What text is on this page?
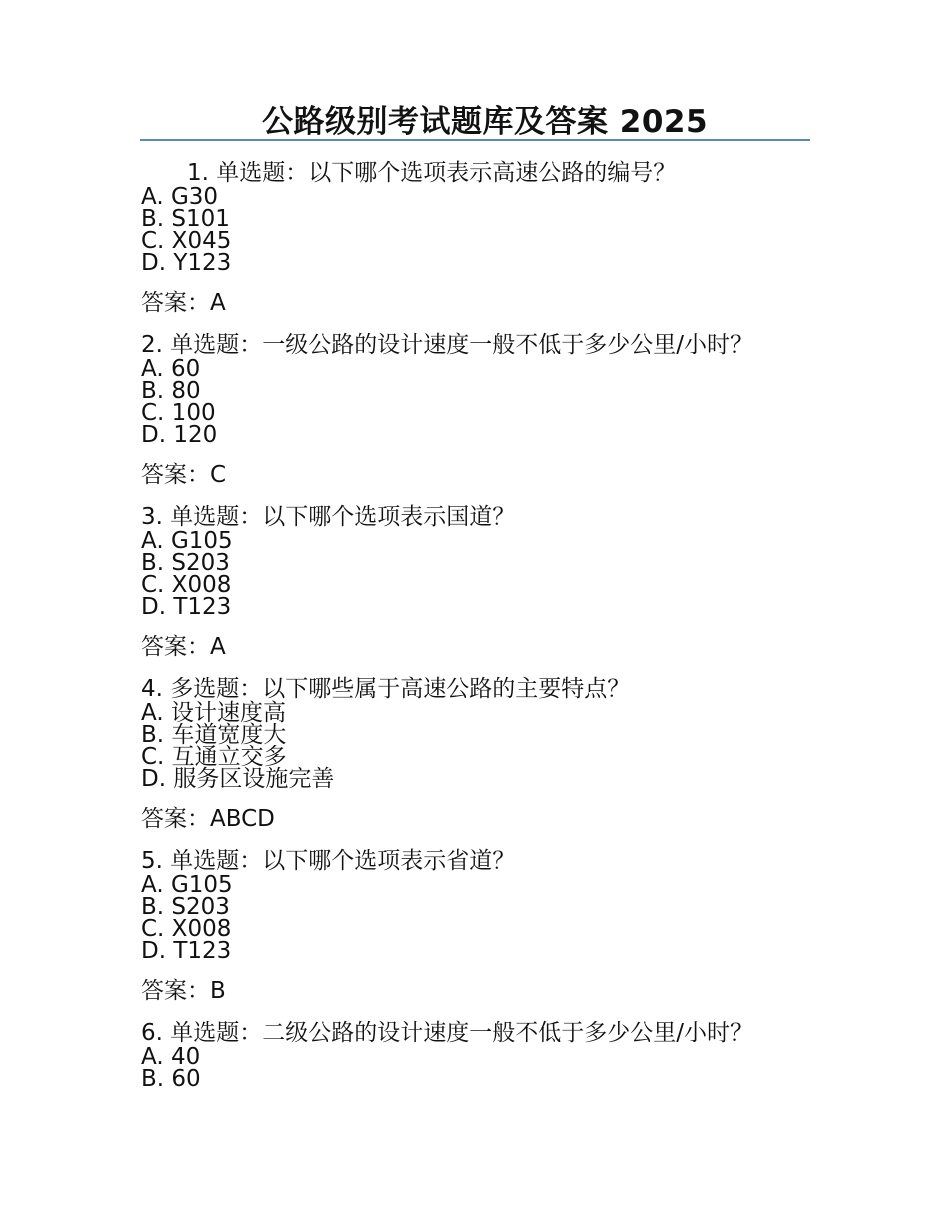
公路级别考试题库及答案 2025
1. 单选题：以下哪个选项表示高速公路的编号？
A. G30
B. S101
C. X045
D. Y123
答案：A
2. 单选题：一级公路的设计速度一般不低于多少公里/小时？
A. 60
B. 80
C. 100
D. 120
答案：C
3. 单选题：以下哪个选项表示国道？
A. G105
B. S203
C. X008
D. T123
答案：A
4. 多选题：以下哪些属于高速公路的主要特点？
A. 设计速度高
B. 车道宽度大
C. 互通立交多
D. 服务区设施完善
答案：ABCD
5. 单选题：以下哪个选项表示省道？
A. G105
B. S203
C. X008
D. T123
答案：B
6. 单选题：二级公路的设计速度一般不低于多少公里/小时？
A. 40
B. 60
